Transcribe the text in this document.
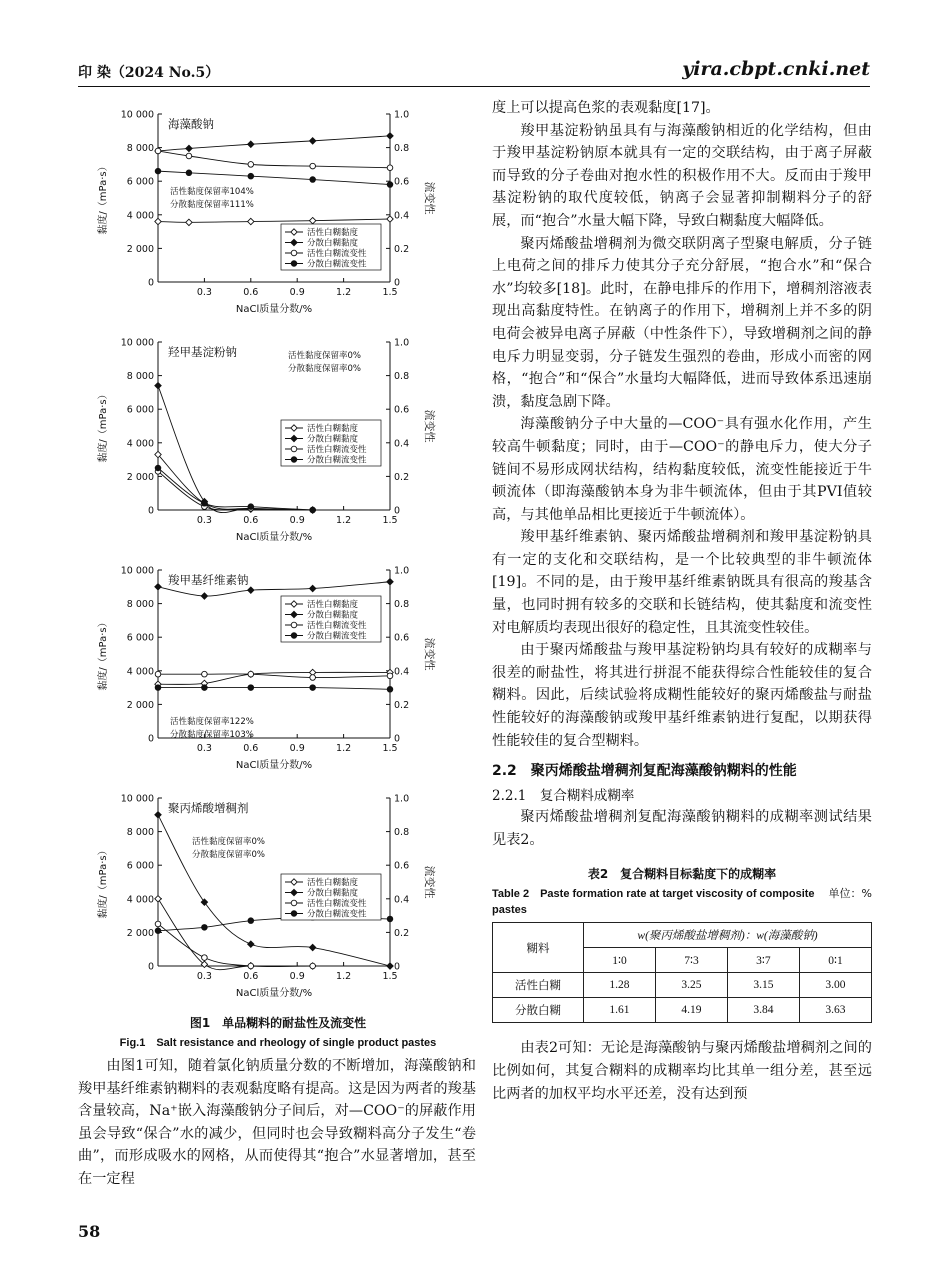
印 染（2024 No.5）	yira.cbpt.cnki.net
0
2 000
4 000
6 000
8 000
10 000
0
0.2
0.4
0.6
0.8
1.0
0.3	0.6	0.9	1.2	1.5
NaCl质量分数/%
黏度/（mPa·s）	流变性
海藻酸钠
活性黏度保留率104%
分散黏度保留率111%
活性白糊黏度
分散白糊黏度
活性白糊流变性
分散白糊流变性
0
2 000
4 000
6 000
8 000
10 000
0
0.2
0.4
0.6
0.8
1.0
0.3	0.6	0.9	1.2	1.5
NaCl质量分数/%
黏度/（mPa·s）	流变性
羟甲基淀粉钠	活性黏度保留率0%
分散黏度保留率0%
活性白糊黏度
分散白糊黏度
活性白糊流变性
分散白糊流变性
0
2 000
4 000
6 000
8 000
10 000
0
0.2
0.4
0.6
0.8
1.0
0.3	0.6	0.9	1.2	1.5
NaCl质量分数/%
黏度/（mPa·s）	流变性
羧甲基纤维素钠
活性黏度保留率122%
分散黏度保留率103%
活性白糊黏度
分散白糊黏度
活性白糊流变性
分散白糊流变性
0
2 000
4 000
6 000
8 000
10 000
0
0.2
0.4
0.6
0.8
1.0
0.3	0.6	0.9	1.2	1.5
NaCl质量分数/%
黏度/（mPa·s）	流变性
聚丙烯酸增稠剂
活性黏度保留率0%
分散黏度保留率0%
活性白糊黏度
分散白糊黏度
活性白糊流变性
分散白糊流变性
图1　单品糊料的耐盐性及流变性
Fig.1　Salt resistance and rheology of single product pastes

由图1可知，随着氯化钠质量分数的不断增加，海藻酸钠和羧甲基纤维素钠糊料的表观黏度略有提高。这是因为两者的羧基含量较高，Na⁺嵌入海藻酸钠分子间后，对—COO⁻的屏蔽作用虽会导致“保合”水的减少，但同时也会导致糊料高分子发生“卷曲”，而形成吸水的网格，从而使得其“抱合”水显著增加，甚至在一定程

度上可以提高色浆的表观黏度[17]。

羧甲基淀粉钠虽具有与海藻酸钠相近的化学结构，但由于羧甲基淀粉钠原本就具有一定的交联结构，由于离子屏蔽而导致的分子卷曲对抱水性的积极作用不大。反而由于羧甲基淀粉钠的取代度较低，钠离子会显著抑制糊料分子的舒展，而“抱合”水量大幅下降，导致白糊黏度大幅降低。

聚丙烯酸盐增稠剂为微交联阴离子型聚电解质，分子链上电荷之间的排斥力使其分子充分舒展，“抱合水”和“保合水”均较多[18]。此时，在静电排斥的作用下，增稠剂溶液表现出高黏度特性。在钠离子的作用下，增稠剂上并不多的阴电荷会被异电离子屏蔽（中性条件下），导致增稠剂之间的静电斥力明显变弱，分子链发生强烈的卷曲，形成小而密的网格，“抱合”和“保合”水量均大幅降低，进而导致体系迅速崩溃，黏度急剧下降。

海藻酸钠分子中大量的—COO⁻具有强水化作用，产生较高牛顿黏度；同时，由于—COO⁻的静电斥力，使大分子链间不易形成网状结构，结构黏度较低，流变性能接近于牛顿流体（即海藻酸钠本身为非牛顿流体，但由于其PVI值较高，与其他单品相比更接近于牛顿流体）。

羧甲基纤维素钠、聚丙烯酸盐增稠剂和羧甲基淀粉钠具有一定的支化和交联结构，是一个比较典型的非牛顿流体[19]。不同的是，由于羧甲基纤维素钠既具有很高的羧基含量，也同时拥有较多的交联和长链结构，使其黏度和流变性对电解质均表现出很好的稳定性，且其流变性较佳。

由于聚丙烯酸盐与羧甲基淀粉钠均具有较好的成糊率与很差的耐盐性，将其进行拼混不能获得综合性能较佳的复合糊料。因此，后续试验将成糊性能较好的聚丙烯酸盐与耐盐性能较好的海藻酸钠或羧甲基纤维素钠进行复配，以期获得性能较佳的复合型糊料。

2.2　聚丙烯酸盐增稠剂复配海藻酸钠糊料的性能
2.2.1　复合糊料成糊率

聚丙烯酸盐增稠剂复配海藻酸钠糊料的成糊率测试结果见表2。

表2　复合糊料目标黏度下的成糊率

单位：%
Table 2　Paste formation rate at target viscosity of composite pastes

糊料	w(聚丙烯酸盐增稠剂)：w(海藻酸钠)			
	1∶0	7∶3	3∶7	0∶1
活性白糊	1.28	3.25	3.15	3.00
分散白糊	1.61	4.19	3.84	3.63

由表2可知：无论是海藻酸钠与聚丙烯酸盐增稠剂之间的比例如何，其复合糊料的成糊率均比其单一组分差，甚至远比两者的加权平均水平还差，没有达到预

58
